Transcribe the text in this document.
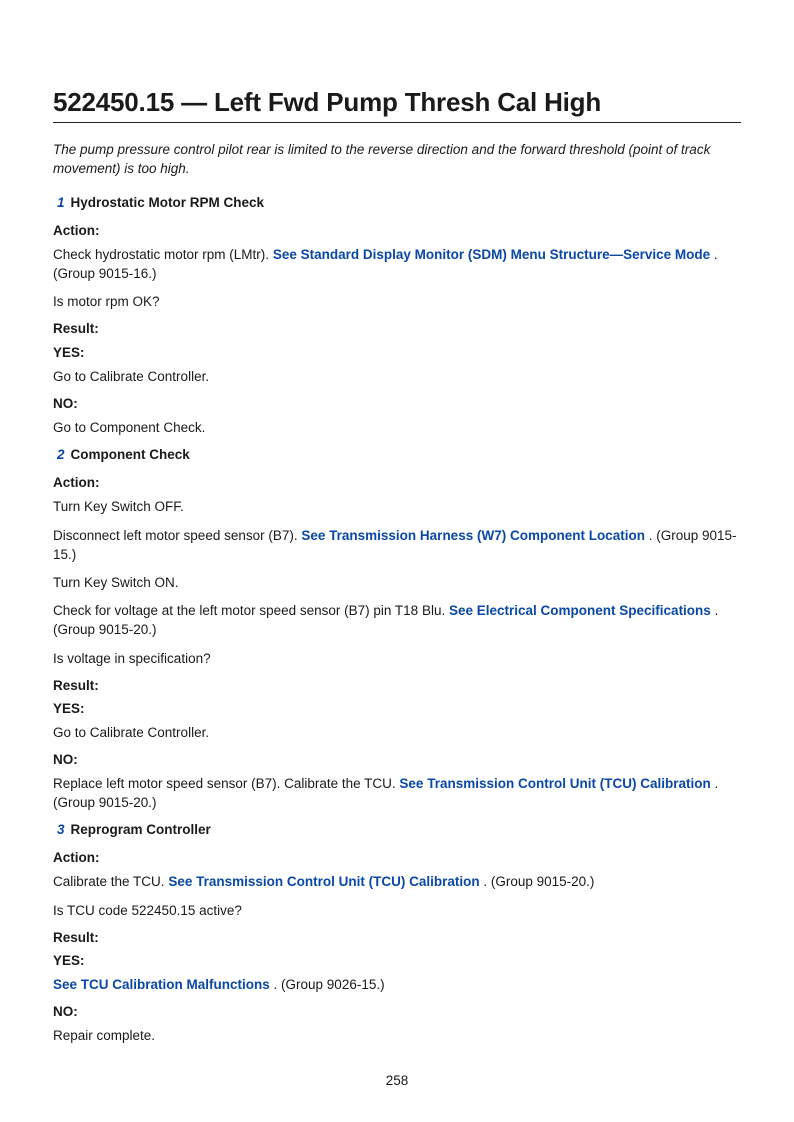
522450.15 — Left Fwd Pump Thresh Cal High

The pump pressure control pilot rear is limited to the reverse direction and the forward threshold (point of track movement) is too high.

1 Hydrostatic Motor RPM Check

Action:

Check hydrostatic motor rpm (LMtr). See Standard Display Monitor (SDM) Menu Structure—Service Mode . (Group 9015-16.)

Is motor rpm OK?

Result:

YES:

Go to Calibrate Controller.

NO:

Go to Component Check.

2 Component Check

Action:

Turn Key Switch OFF.

Disconnect left motor speed sensor (B7). See Transmission Harness (W7) Component Location . (Group 9015-15.)

Turn Key Switch ON.

Check for voltage at the left motor speed sensor (B7) pin T18 Blu. See Electrical Component Specifications . (Group 9015-20.)

Is voltage in specification?

Result:

YES:

Go to Calibrate Controller.

NO:

Replace left motor speed sensor (B7). Calibrate the TCU. See Transmission Control Unit (TCU) Calibration . (Group 9015-20.)

3 Reprogram Controller

Action:

Calibrate the TCU. See Transmission Control Unit (TCU) Calibration . (Group 9015-20.)

Is TCU code 522450.15 active?

Result:

YES:

See TCU Calibration Malfunctions . (Group 9026-15.)

NO:

Repair complete.

258
